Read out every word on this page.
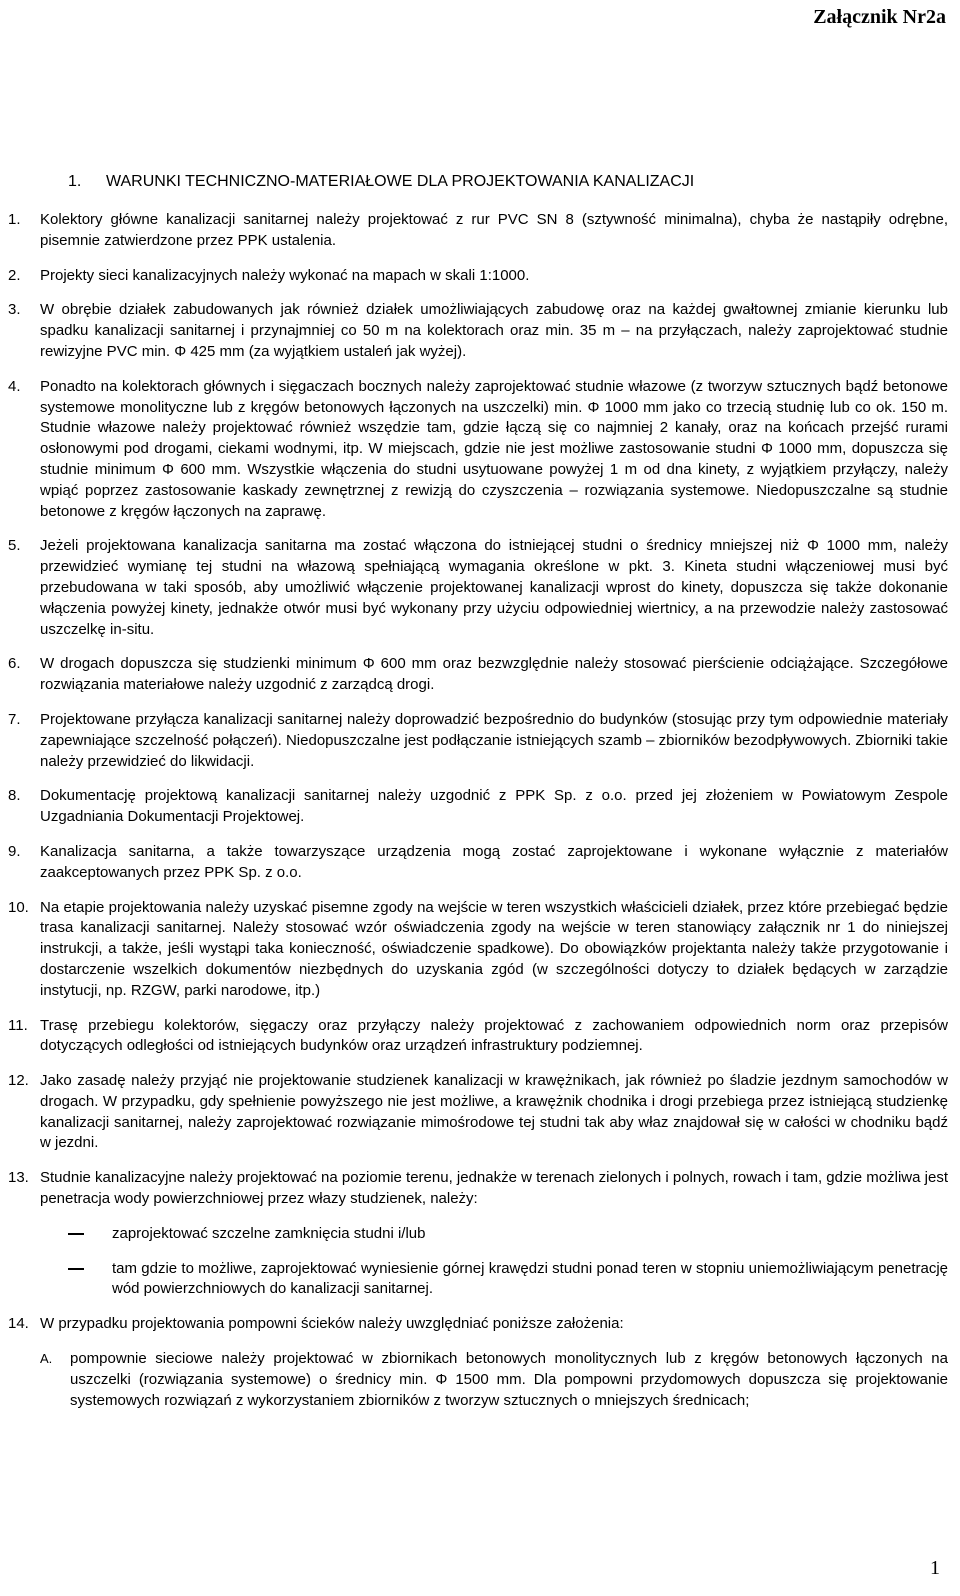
Załącznik Nr2a
1. WARUNKI TECHNICZNO-MATERIAŁOWE DLA PROJEKTOWANIA KANALIZACJI
1.	Kolektory główne kanalizacji sanitarnej należy projektować z rur PVC SN 8 (sztywność minimalna), chyba że nastąpiły odrębne, pisemnie zatwierdzone przez PPK ustalenia.
2.	Projekty sieci kanalizacyjnych należy wykonać na mapach w skali 1:1000.
3.	W obrębie działek zabudowanych jak również działek umożliwiających zabudowę oraz na każdej gwałtownej zmianie kierunku lub spadku kanalizacji sanitarnej i przynajmniej co 50 m na kolektorach oraz min. 35 m – na przyłączach, należy zaprojektować studnie rewizyjne PVC min. Φ 425 mm (za wyjątkiem ustaleń jak wyżej).
4.	Ponadto na kolektorach głównych i sięgaczach bocznych należy zaprojektować studnie włazowe (z tworzyw sztucznych bądź betonowe systemowe monolityczne lub z kręgów betonowych łączonych na uszczelki) min. Φ 1000 mm jako co trzecią studnię lub co ok. 150 m. Studnie włazowe należy projektować również wszędzie tam, gdzie łączą się co najmniej 2 kanały, oraz na końcach przejść rurami osłonowymi pod drogami, ciekami wodnymi, itp. W miejscach, gdzie nie jest możliwe zastosowanie studni Φ 1000 mm, dopuszcza się studnie minimum Φ 600 mm. Wszystkie włączenia do studni usytuowane powyżej 1 m od dna kinety, z wyjątkiem przyłączy, należy wpiąć poprzez zastosowanie kaskady zewnętrznej z rewizją do czyszczenia – rozwiązania systemowe. Niedopuszczalne są studnie betonowe z kręgów łączonych na zaprawę.
5.	Jeżeli projektowana kanalizacja sanitarna ma zostać włączona do istniejącej studni o średnicy mniejszej niż Φ 1000 mm, należy przewidzieć wymianę tej studni na włazową spełniającą wymagania określone w pkt. 3. Kineta studni włączeniowej musi być przebudowana w taki sposób, aby umożliwić włączenie projektowanej kanalizacji wprost do kinety, dopuszcza się także dokonanie włączenia powyżej kinety, jednakże otwór musi być wykonany przy użyciu odpowiedniej wiertnicy, a na przewodzie należy zastosować uszczelkę in-situ.
6.	W drogach dopuszcza się studzienki minimum Φ 600 mm oraz bezwzględnie należy stosować pierścienie odciążające. Szczegółowe rozwiązania materiałowe należy uzgodnić z zarządcą drogi.
7.	Projektowane przyłącza kanalizacji sanitarnej należy doprowadzić bezpośrednio do budynków (stosując przy tym odpowiednie materiały zapewniające szczelność połączeń). Niedopuszczalne jest podłączanie istniejących szamb – zbiorników bezodpływowych. Zbiorniki takie należy przewidzieć do likwidacji.
8.	Dokumentację projektową kanalizacji sanitarnej należy uzgodnić z PPK Sp. z o.o. przed jej złożeniem w Powiatowym Zespole Uzgadniania Dokumentacji Projektowej.
9.	Kanalizacja sanitarna, a także towarzyszące urządzenia mogą zostać zaprojektowane i wykonane wyłącznie z materiałów zaakceptowanych przez PPK Sp. z o.o.
10. Na etapie projektowania należy uzyskać pisemne zgody na wejście w teren wszystkich właścicieli działek, przez które przebiegać będzie trasa kanalizacji sanitarnej. Należy stosować wzór oświadczenia zgody na wejście w teren stanowiący załącznik nr 1 do niniejszej instrukcji, a także, jeśli wystąpi taka konieczność, oświadczenie spadkowe). Do obowiązków projektanta należy także przygotowanie i dostarczenie wszelkich dokumentów niezbędnych do uzyskania zgód (w szczególności dotyczy to działek będących w zarządzie instytucji, np. RZGW, parki narodowe, itp.)
11. Trasę przebiegu kolektorów, sięgaczy oraz przyłączy należy projektować z zachowaniem odpowiednich norm oraz przepisów dotyczących odległości od istniejących budynków oraz urządzeń infrastruktury podziemnej.
12. Jako zasadę należy przyjąć nie projektowanie studzienek kanalizacji w krawężnikach, jak również po śladzie jezdnym samochodów w drogach. W przypadku, gdy spełnienie powyższego nie jest możliwe, a krawężnik chodnika i drogi przebiega przez istniejącą studzienkę kanalizacji sanitarnej, należy zaprojektować rozwiązanie mimośrodowe tej studni tak aby właz znajdował się w całości w chodniku bądź w jezdni.
13. Studnie kanalizacyjne należy projektować na poziomie terenu, jednakże w terenach zielonych i polnych, rowach i tam, gdzie możliwa jest penetracja wody powierzchniowej przez włazy studzienek, należy:
zaprojektować szczelne zamknięcia studni i/lub
tam gdzie to możliwe, zaprojektować wyniesienie górnej krawędzi studni ponad teren w stopniu uniemożliwiającym penetrację wód powierzchniowych do kanalizacji sanitarnej.
14. W przypadku projektowania pompowni ścieków należy uwzględniać poniższe założenia:
A.	pompownie sieciowe należy projektować w zbiornikach betonowych monolitycznych lub z kręgów betonowych łączonych na uszczelki (rozwiązania systemowe) o średnicy min. Φ 1500 mm. Dla pompowni przydomowych dopuszcza się projektowanie systemowych rozwiązań z wykorzystaniem zbiorników z tworzyw sztucznych o mniejszych średnicach;
1
